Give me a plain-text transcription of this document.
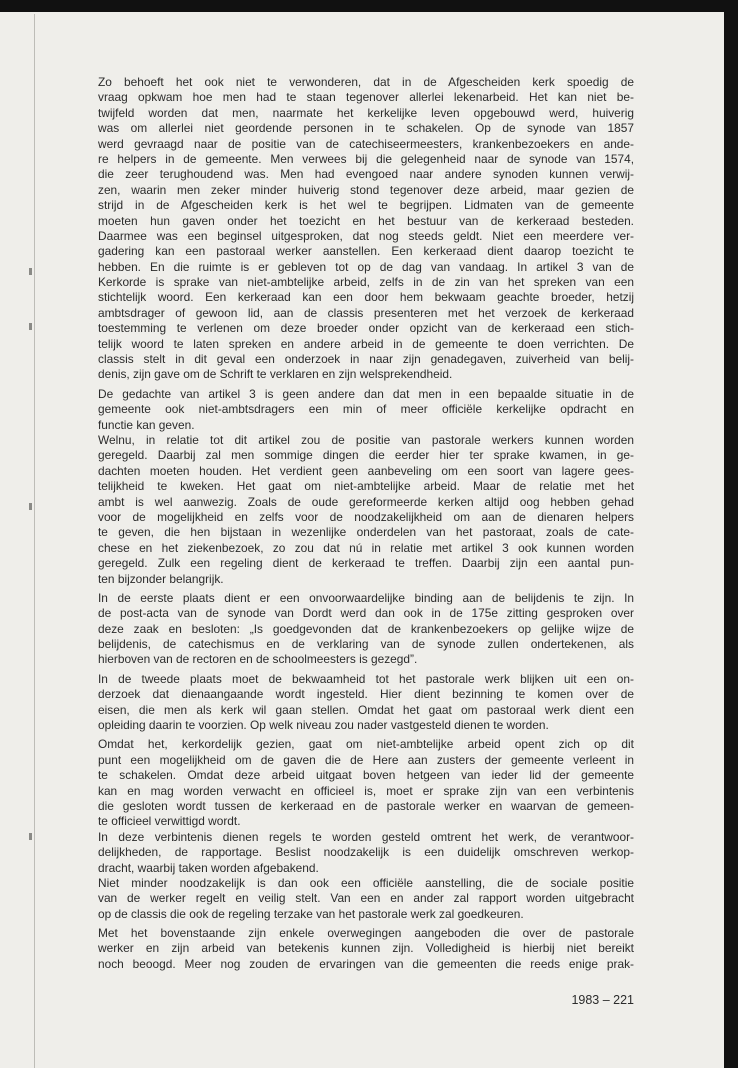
Zo behoeft het ook niet te verwonderen, dat in de Afgescheiden kerk spoedig de
vraag opkwam hoe men had te staan tegenover allerlei lekenarbeid. Het kan niet be-
twijfeld worden dat men, naarmate het kerkelijke leven opgebouwd werd, huiverig
was om allerlei niet geordende personen in te schakelen. Op de synode van 1857
werd gevraagd naar de positie van de catechiseermeesters, krankenbezoekers en ande-
re helpers in de gemeente. Men verwees bij die gelegenheid naar de synode van 1574,
die zeer terughoudend was. Men had evengoed naar andere synoden kunnen verwij-
zen, waarin men zeker minder huiverig stond tegenover deze arbeid, maar gezien de
strijd in de Afgescheiden kerk is het wel te begrijpen. Lidmaten van de gemeente
moeten hun gaven onder het toezicht en het bestuur van de kerkeraad besteden.
Daarmee was een beginsel uitgesproken, dat nog steeds geldt. Niet een meerdere ver-
gadering kan een pastoraal werker aanstellen. Een kerkeraad dient daarop toezicht te
hebben. En die ruimte is er gebleven tot op de dag van vandaag. In artikel 3 van de
Kerkorde is sprake van niet-ambtelijke arbeid, zelfs in de zin van het spreken van een
stichtelijk woord. Een kerkeraad kan een door hem bekwaam geachte broeder, hetzij
ambtsdrager of gewoon lid, aan de classis presenteren met het verzoek de kerkeraad
toestemming te verlenen om deze broeder onder opzicht van de kerkeraad een stich-
telijk woord te laten spreken en andere arbeid in de gemeente te doen verrichten. De
classis stelt in dit geval een onderzoek in naar zijn genadegaven, zuiverheid van belij-
denis, zijn gave om de Schrift te verklaren en zijn welsprekendheid.
De gedachte van artikel 3 is geen andere dan dat men in een bepaalde situatie in de
gemeente ook niet-ambtsdragers een min of meer officiële kerkelijke opdracht en
functie kan geven.
Welnu, in relatie tot dit artikel zou de positie van pastorale werkers kunnen worden
geregeld. Daarbij zal men sommige dingen die eerder hier ter sprake kwamen, in ge-
dachten moeten houden. Het verdient geen aanbeveling om een soort van lagere gees-
telijkheid te kweken. Het gaat om niet-ambtelijke arbeid. Maar de relatie met het
ambt is wel aanwezig. Zoals de oude gereformeerde kerken altijd oog hebben gehad
voor de mogelijkheid en zelfs voor de noodzakelijkheid om aan de dienaren helpers
te geven, die hen bijstaan in wezenlijke onderdelen van het pastoraat, zoals de cate-
chese en het ziekenbezoek, zo zou dat nú in relatie met artikel 3 ook kunnen worden
geregeld. Zulk een regeling dient de kerkeraad te treffen. Daarbij zijn een aantal pun-
ten bijzonder belangrijk.
In de eerste plaats dient er een onvoorwaardelijke binding aan de belijdenis te zijn. In
de post-acta van de synode van Dordt werd dan ook in de 175e zitting gesproken over
deze zaak en besloten: „Is goedgevonden dat de krankenbezoekers op gelijke wijze de
belijdenis, de catechismus en de verklaring van de synode zullen ondertekenen, als
hierboven van de rectoren en de schoolmeesters is gezegd”.
In de tweede plaats moet de bekwaamheid tot het pastorale werk blijken uit een on-
derzoek dat dienaangaande wordt ingesteld. Hier dient bezinning te komen over de
eisen, die men als kerk wil gaan stellen. Omdat het gaat om pastoraal werk dient een
opleiding daarin te voorzien. Op welk niveau zou nader vastgesteld dienen te worden.
Omdat het, kerkordelijk gezien, gaat om niet-ambtelijke arbeid opent zich op dit
punt een mogelijkheid om de gaven die de Here aan zusters der gemeente verleent in
te schakelen. Omdat deze arbeid uitgaat boven hetgeen van ieder lid der gemeente
kan en mag worden verwacht en officieel is, moet er sprake zijn van een verbintenis
die gesloten wordt tussen de kerkeraad en de pastorale werker en waarvan de gemeen-
te officieel verwittigd wordt.
In deze verbintenis dienen regels te worden gesteld omtrent het werk, de verantwoor-
delijkheden, de rapportage. Beslist noodzakelijk is een duidelijk omschreven werkop-
dracht, waarbij taken worden afgebakend.
Niet minder noodzakelijk is dan ook een officiële aanstelling, die de sociale positie
van de werker regelt en veilig stelt. Van een en ander zal rapport worden uitgebracht
op de classis die ook de regeling terzake van het pastorale werk zal goedkeuren.
Met het bovenstaande zijn enkele overwegingen aangeboden die over de pastorale
werker en zijn arbeid van betekenis kunnen zijn. Volledigheid is hierbij niet bereikt
noch beoogd. Meer nog zouden de ervaringen van die gemeenten die reeds enige prak-
1983 – 221
